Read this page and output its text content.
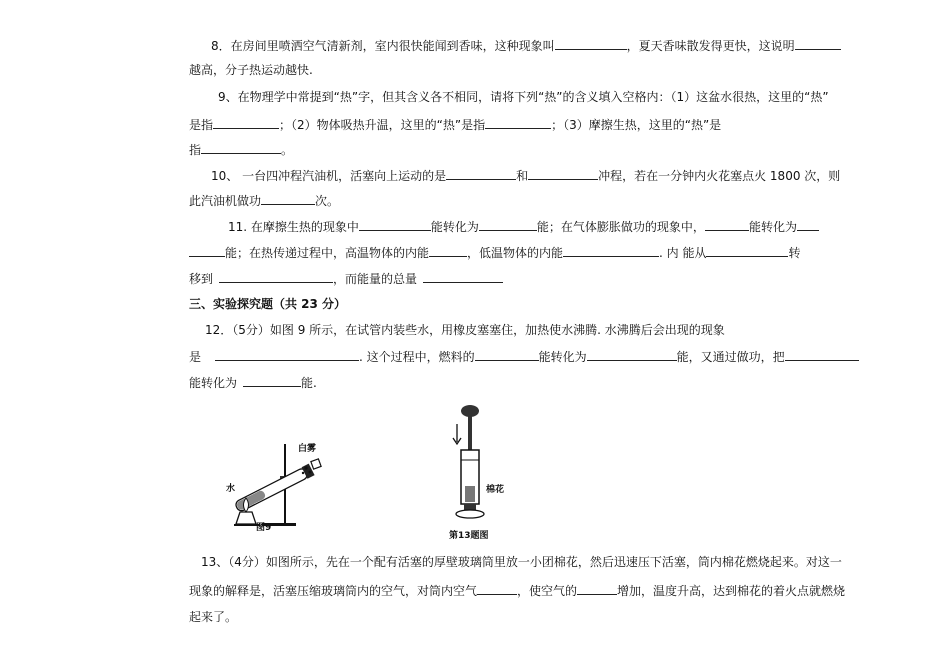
8．在房间里喷洒空气清新剂，室内很快能闻到香味，这种现象叫	，夏天香味散发得更快，这说明
越高，分子热运动越快.
9、在物理学中常提到“热”字，但其含义各不相同，请将下列“热”的含义填入空格内：（1）这盆水很热，这里的“热”
是指	；（2）物体吸热升温，这里的“热”是指	；（3）摩擦生热，这里的“热”是
指	。
10、 一台四冲程汽油机，活塞向上运动的是	和	冲程，若在一分钟内火花塞点火 1800 次，则
此汽油机做功	次。
11. 在摩擦生热的现象中	能转化为	能；在气体膨胀做功的现象中，	能转化为
能；在热传递过程中，高温物体的内能	，低温物体的内能	. 内 能从	转
移到	，而能量的总量
三、实验探究题（共 23 分）
12．（5分）如图 9 所示，在试管内装些水，用橡皮塞塞住，加热使水沸腾. 水沸腾后会出现的现象
是	. 这个过程中，燃料的	能转化为	能，又通过做功，把
能转化为	能.
白雾
水
图9
棉花
第13题图
13、（4分）如图所示，先在一个配有活塞的厚壁玻璃筒里放一小团棉花，然后迅速压下活塞，筒内棉花燃烧起来。对这一
现象的解释是，活塞压缩玻璃筒内的空气，对筒内空气	，使空气的	增加，温度升高，达到棉花的着火点就燃烧
起来了。
